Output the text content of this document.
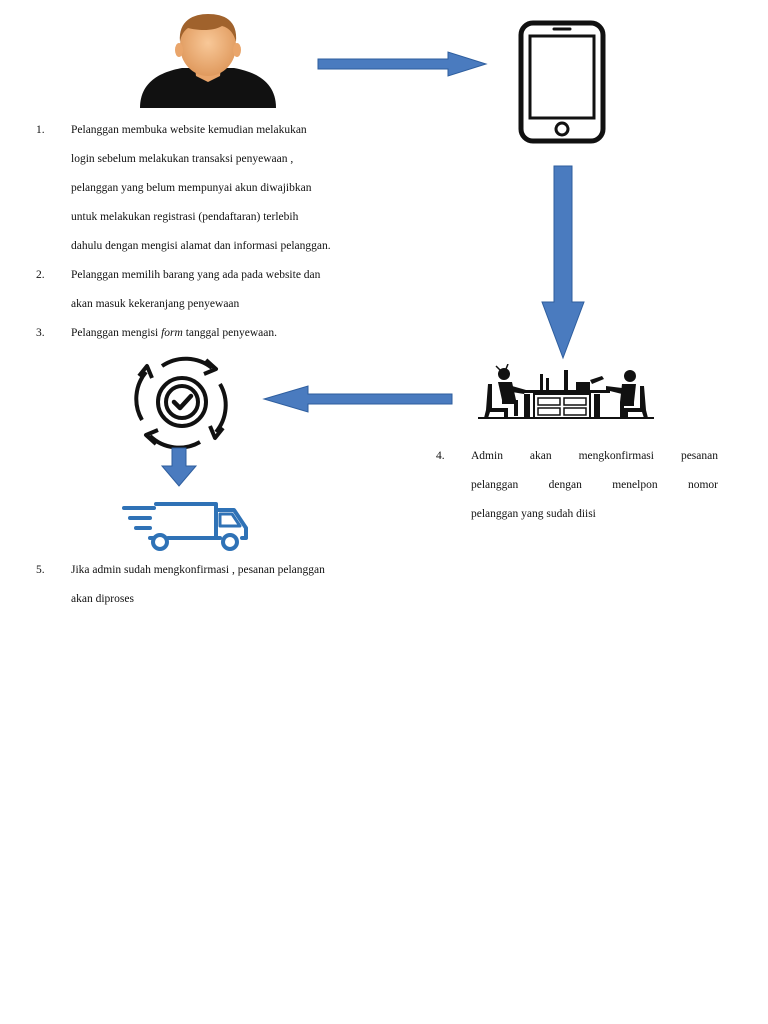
1.	Pelanggan membuka website kemudian melakukan
login sebelum melakukan transaksi penyewaan ,
pelanggan yang belum mempunyai akun diwajibkan
untuk melakukan registrasi (pendaftaran) terlebih
dahulu dengan mengisi alamat dan informasi pelanggan.
2.	Pelanggan memilih barang yang ada pada website dan
akan masuk kekeranjang penyewaan
3.	Pelanggan mengisi form tanggal penyewaan.
4.	Admin akan mengkonfirmasi pesanan
pelanggan dengan menelpon nomor
pelanggan yang sudah diisi
5.	Jika admin sudah mengkonfirmasi , pesanan pelanggan
akan diproses
